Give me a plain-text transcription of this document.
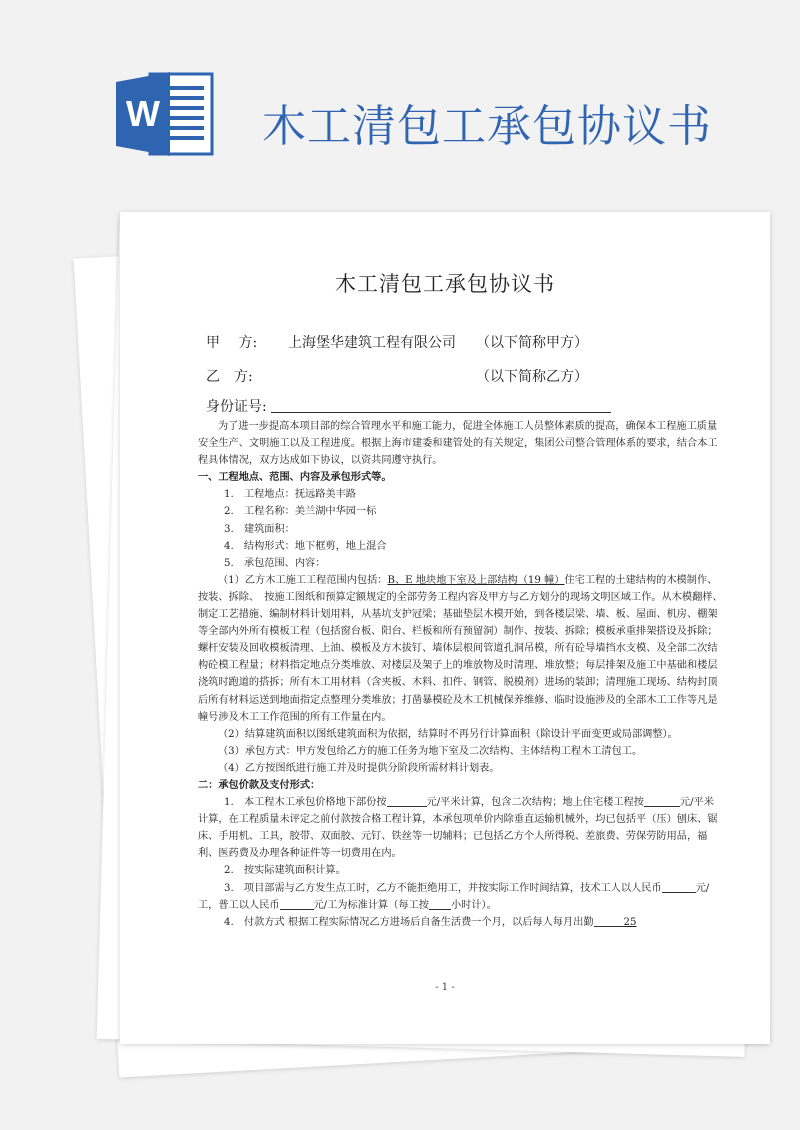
W 木工清包工承包协议书
木工清包工承包协议书
甲　 方: 上海堡华建筑工程有限公司 （以下简称甲方）
乙　方:	（以下简称乙方）
身份证号:

为了进一步提高本项目部的综合管理水平和施工能力，促进全体施工人员整体素质的提高，确保本工程施工质量安全生产、文明施工以及工程进度。根据上海市建委和建管处的有关规定，集团公司整合管理体系的要求，结合本工程具体情况，双方达成如下协议，以资共同遵守执行。

一、工程地点、范围、内容及承包形式等。

1.　工程地点：抚远路美丰路

2.　工程名称：美兰湖中华园一标

3.　建筑面积：

4.　结构形式：地下框剪，地上混合

5.　承包范围、内容：

（1）乙方木工施工工程范围内包括：B、E 地块地下室及上部结构（19 幢）住宅工程的土建结构的木模制作、按装、拆除、　按施工图纸和预算定额规定的全部劳务工程内容及甲方与乙方划分的现场文明区域工作。从木模翻样、制定工艺措施、编制材料计划用料，从基坑支护冠梁；基础垫层木模开始，到各楼层梁、墙、板、屋面、机房、棚架等全部内外所有模板工程（包括窗台板、阳台、栏板和所有预留洞）制作、按装、拆除；模板承重排架搭设及拆除；螺杆安装及回收模板清理、上油、模板及方木拔钉、墙体层根间管道孔洞吊模，所有砼导墙挡水支模、及全部二次结构砼模工程量；材料指定地点分类堆放、对楼层及架子上的堆放物及时清理、堆放整；每层排架及施工中基础和楼层浇筑时跑道的搭拆；所有木工用材料（含夹板、木料、扣件、钢管、脱模剂）进场的装卸；清理施工现场、结构封顶后所有材料运送到地面指定点整理分类堆放；打凿暴模砼及木工机械保养维修、临时设施涉及的全部木工工作等凡是幢号涉及木工工作范围的所有工作量在内。

（2）结算建筑面积以图纸建筑面积为依据，结算时不再另行计算面积（除设计平面变更或局部调整）。

（3）承包方式：甲方发包给乙方的施工任务为地下室及二次结构、主体结构工程木工清包工。

（4）乙方按图纸进行施工并及时提供分阶段所需材料计划表。

二：承包价款及支付形式：

1.　本工程木工承包价格地下部份按	元/平米计算，包含二次结构；地上住宅楼工程按	元/平米计算，在工程质量未评定之前付款按合格工程计算，本承包项单价内除垂直运输机械外，均已包括平（压）刨床、锯床、手用机、工具，胶带、双面胶、元钉、铁丝等一切辅料；已包括乙方个人所得税、差旅费、劳保劳防用品，福利、医药费及办理各种证件等一切费用在内。

2.　按实际建筑面积计算。

3.　项目部需与乙方发生点工时，乙方不能拒绝用工，并按实际工作时间结算，技术工人以人民币	元/工，普工以人民币	元/工为标准计算（每工按 小时计）。

4.　付款方式 根据工程实际情况乙方进场后自备生活费一个月，以后每人每月出勤	25

- 1 -
